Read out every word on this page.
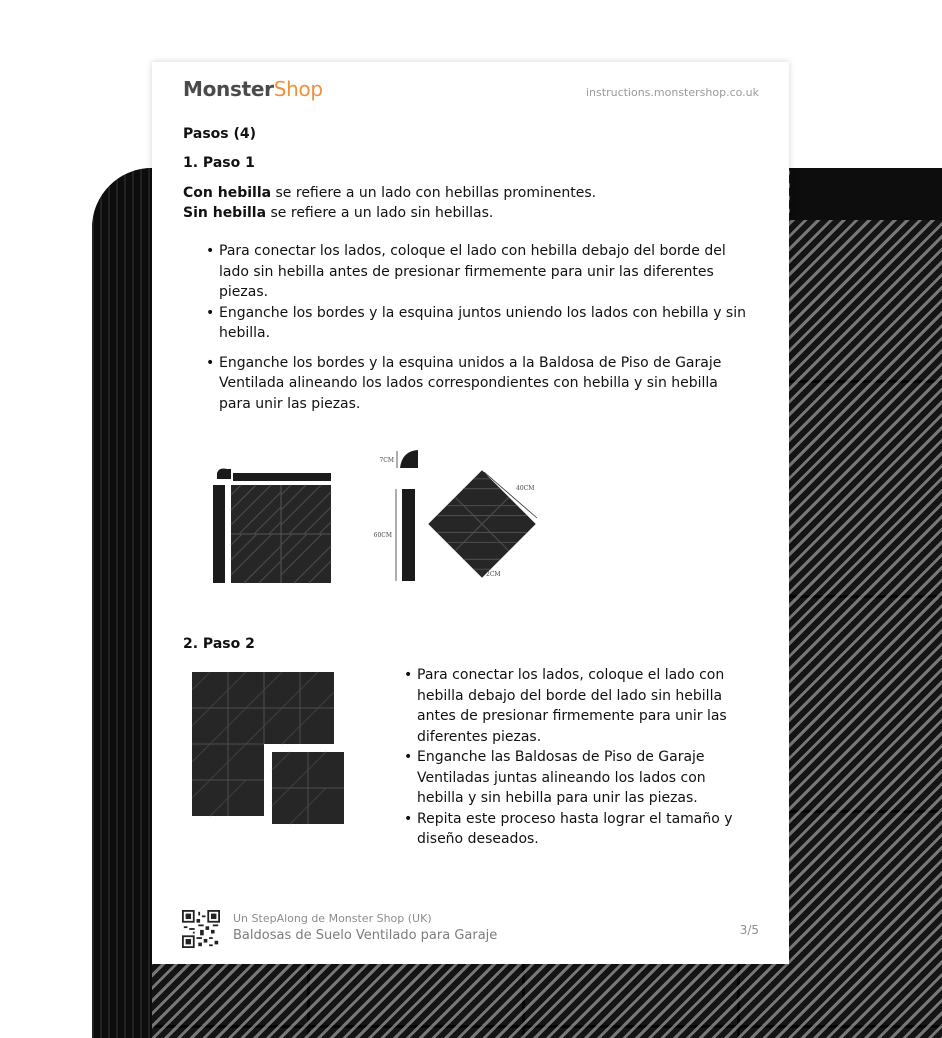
MonsterShop	instructions.monstershop.co.uk
Pasos (4)
1. Paso 1
Con hebilla se refiere a un lado con hebillas prominentes.
Sin hebilla se refiere a un lado sin hebillas.
• Para conectar los lados, coloque el lado con hebilla debajo del borde del lado sin hebilla antes de presionar firmemente para unir las diferentes piezas.
• Enganche los bordes y la esquina juntos uniendo los lados con hebilla y sin hebilla.
• Enganche los bordes y la esquina unidos a la Baldosa de Piso de Garaje Ventilada alineando los lados correspondientes con hebilla y sin hebilla para unir las piezas.
7CM
60CM
40CM
2CM
2. Paso 2
• Para conectar los lados, coloque el lado con hebilla debajo del borde del lado sin hebilla antes de presionar firmemente para unir las diferentes piezas.
• Enganche las Baldosas de Piso de Garaje Ventiladas juntas alineando los lados con hebilla y sin hebilla para unir las piezas.
• Repita este proceso hasta lograr el tamaño y diseño deseados.
Un StepAlong de Monster Shop (UK)
Baldosas de Suelo Ventilado para Garaje	3/5
